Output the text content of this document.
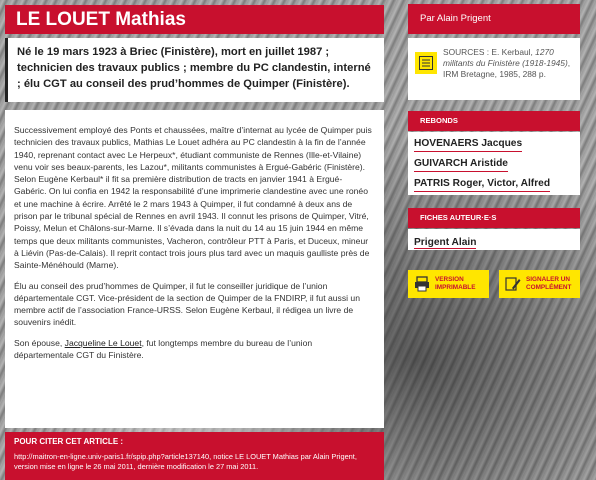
LE LOUET Mathias
Né le 19 mars 1923 à Briec (Finistère), mort en juillet 1987 ; technicien des travaux publics ; membre du PC clandestin, interné ; élu CGT au conseil des prud’hommes de Quimper (Finistère).

Successivement employé des Ponts et chaussées, maître d’internat au lycée de Quimper puis technicien des travaux publics, Mathias Le Louet adhéra au PC clandestin à la fin de l’année 1940, reprenant contact avec Le Herpeux*, étudiant communiste de Rennes (Ille-et-Vilaine) venu voir ses beaux-parents, les Lazou*, militants communistes à Ergué-Gabéric (Finistère). Selon Eugène Kerbaul* il fit sa première distribution de tracts en janvier 1941 à Ergué-Gabéric. On lui confia en 1942 la responsabilité d’une imprimerie clandestine avec une ronéo et une machine à écrire. Arrêté le 2 mars 1943 à Quimper, il fut condamné à deux ans de prison par le tribunal spécial de Rennes en avril 1943. Il connut les prisons de Quimper, Vitré, Poissy, Melun et Châlons-sur-Marne. Il s’évada dans la nuit du 14 au 15 juin 1944 en même temps que deux militants communistes, Vacheron, contrôleur PTT à Paris, et Duceux, mineur à Liévin (Pas-de-Calais). Il reprit contact trois jours plus tard avec un maquis gaulliste près de Sainte-Ménéhould (Marne).

Élu au conseil des prud’hommes de Quimper, il fut le conseiller juridique de l’union départementale CGT. Vice-président de la section de Quimper de la FNDIRP, il fut aussi un membre actif de l’association France-URSS. Selon Eugène Kerbaul, il rédigea un livre de souvenirs inédit.

Son épouse, Jacqueline Le Louet, fut longtemps membre du bureau de l’union départementale CGT du Finistère.

POUR CITER CET ARTICLE :
http://maitron-en-ligne.univ-paris1.fr/spip.php?article137140, notice LE LOUET Mathias par Alain Prigent, version mise en ligne le 26 mai 2011, dernière modification le 27 mai 2011.
Par Alain Prigent
SOURCES : E. Kerbaul, 1270 militants du Finistère (1918-1945), IRM Bretagne, 1985, 288 p.
REBONDS
HOVENAERS Jacques
GUIVARCH Aristide
PATRIS Roger, Victor, Alfred
FICHES AUTEUR·E·S
Prigent Alain
VERSION IMPRIMABLE
SIGNALER UN COMPLÉMENT
